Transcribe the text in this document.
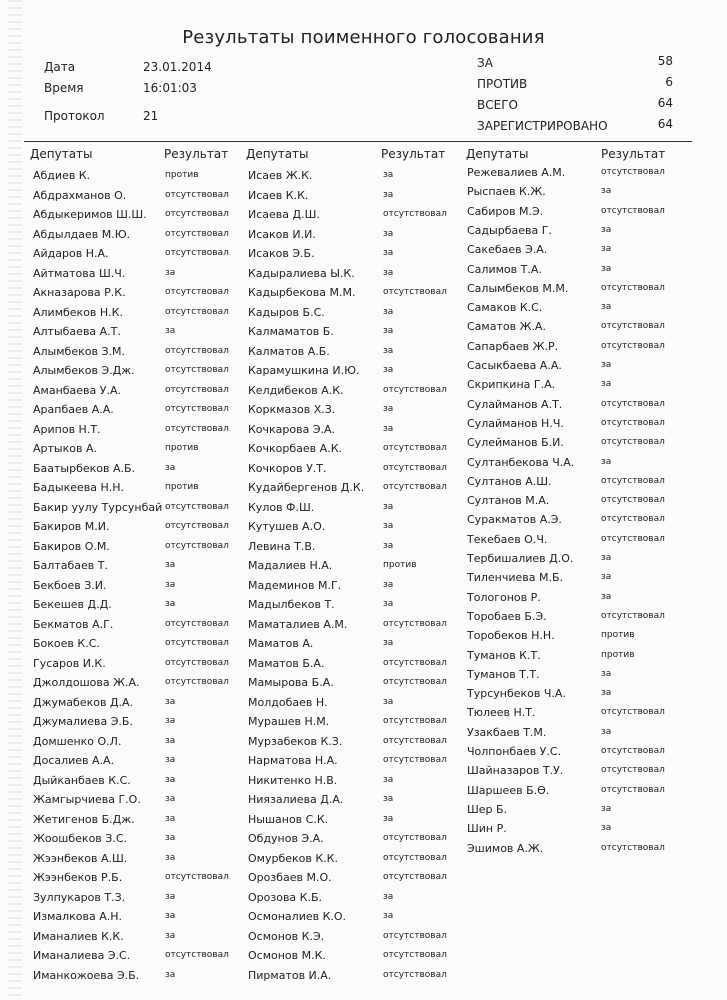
Результаты поименного голосования
Дата	23.01.2014
Время	16:01:03
Протокол	21
ЗА	58
ПРОТИВ	6
ВСЕГО	64
ЗАРЕГИСТРИРОВАНО	64
Депутаты	Результат Депутаты	Результат Депутаты	Результат
Абдиев К.	против
Абдрахманов О.	отсутствовал
Абдыкеримов Ш.Ш. отсутствовал
Абдылдаев М.Ю.	отсутствовал
Айдаров Н.А.	отсутствовал
Айтматова Ш.Ч.	за
Акназарова Р.К.	отсутствовал
Алимбеков Н.К.	отсутствовал
Алтыбаева А.Т.	за
Алымбеков З.М.	отсутствовал
Алымбеков Э.Дж.	отсутствовал
Аманбаева У.А.	отсутствовал
Арапбаев А.А.	отсутствовал
Арипов Н.Т.	отсутствовал
Артыков А.	против
Баатырбеков А.Б.	за
Бадыкеева Н.Н.	против
Бакир уулу Турсунбай отсутствовал
Бакиров М.И.	отсутствовал
Бакиров О.М.	отсутствовал
Балтабаев Т.	за
Бекбоев З.И.	за
Бекешев Д.Д.	за
Бекматов А.Г.	отсутствовал
Бокоев К.С.	отсутствовал
Гусаров И.К.	отсутствовал
Джолдошова Ж.А.	отсутствовал
Джумабеков Д.А.	за
Джумалиева Э.Б.	за
Домшенко О.Л.	за
Досалиев А.А.	за
Дыйканбаев К.С.	за
Жамгырчиева Г.О.	за
Жетигенов Б.Дж.	за
Жоошбеков З.С.	за
Жээнбеков А.Ш.	за
Жээнбеков Р.Б.	отсутствовал
Зулпукаров Т.З.	за
Измалкова А.Н.	за
Иманалиев К.К.	за
Иманалиева Э.С.	отсутствовал
Иманкожоева Э.Б.	за
Исаев Ж.К.	за
Исаев К.К.	за
Исаева Д.Ш.	отсутствовал
Исаков И.И.	за
Исаков Э.Б.	за
Кадыралиева Ы.К.	за
Кадырбекова М.М.	отсутствовал
Кадыров Б.С.	за
Калмаматов Б.	за
Калматов А.Б.	за
Карамушкина И.Ю.	за
Келдибеков А.К.	отсутствовал
Коркмазов Х.З.	за
Кочкарова Э.А.	за
Кочкорбаев А.К.	отсутствовал
Кочкоров У.Т.	отсутствовал
Кудайбергенов Д.К. отсутствовал
Кулов Ф.Ш.	за
Кутушев А.О.	за
Левина Т.В.	за
Мадалиев Н.А.	против
Мадеминов М.Г.	за
Мадылбеков Т.	за
Маматалиев А.М.	отсутствовал
Маматов А.	за
Маматов Б.А.	отсутствовал
Мамырова Б.А.	отсутствовал
Молдобаев Н.	за
Мурашев Н.М.	отсутствовал
Мурзабеков К.З.	отсутствовал
Нарматова Н.А.	отсутствовал
Никитенко Н.В.	за
Ниязалиева Д.А.	за
Нышанов С.К.	за
Обдунов Э.А.	отсутствовал
Омурбеков К.К.	отсутствовал
Орозбаев М.О.	отсутствовал
Орозова К.Б.	за
Осмоналиев К.О.	за
Осмонов К.Э.	отсутствовал
Осмонов М.К.	отсутствовал
Пирматов И.А.	отсутствовал
Режевалиев А.М.	отсутствовал
Рыспаев К.Ж.	за
Сабиров М.Э.	отсутствовал
Садырбаева Г.	за
Сакебаев Э.А.	за
Салимов Т.А.	за
Салымбеков М.М.	отсутствовал
Самаков К.С.	за
Саматов Ж.А.	отсутствовал
Сапарбаев Ж.Р.	отсутствовал
Сасыкбаева А.А.	за
Скрипкина Г.А.	за
Сулайманов А.Т.	отсутствовал
Сулайманов Н.Ч.	отсутствовал
Сулейманов Б.И.	отсутствовал
Султанбекова Ч.А.	за
Султанов А.Ш.	отсутствовал
Султанов М.А.	отсутствовал
Суракматов А.Э.	отсутствовал
Текебаев О.Ч.	отсутствовал
Тербишалиев Д.О.	за
Тиленчиева М.Б.	за
Тологонов Р.	за
Торобаев Б.Э.	отсутствовал
Торобеков Н.Н.	против
Туманов К.Т.	против
Туманов Т.Т.	за
Турсунбеков Ч.А.	за
Тюлеев Н.Т.	отсутствовал
Узакбаев Т.М.	за
Чолпонбаев У.С.	отсутствовал
Шайназаров Т.У.	отсутствовал
Шаршеев Б.Ө.	отсутствовал
Шер Б.	за
Шин Р.	за
Эшимов А.Ж.	отсутствовал
